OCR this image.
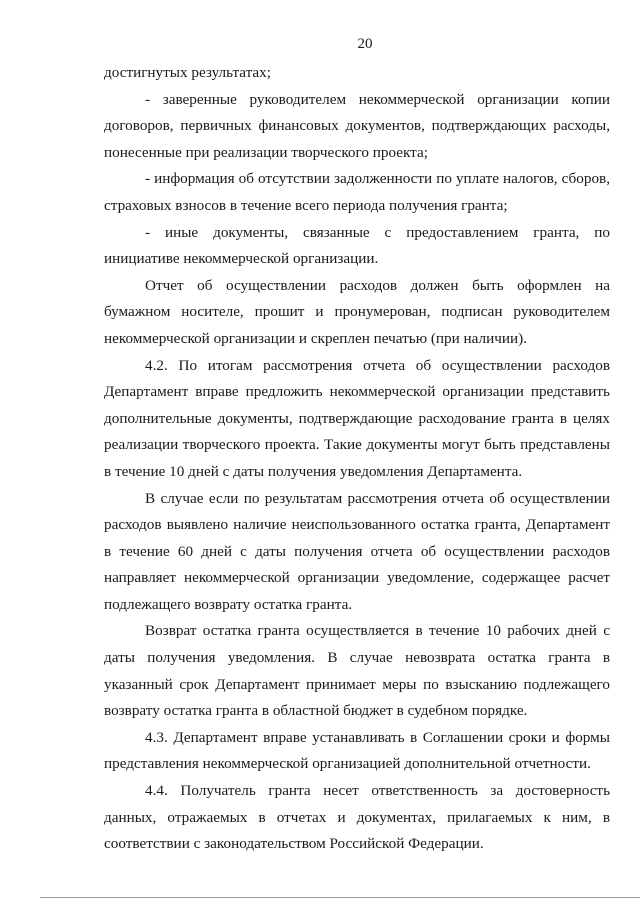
20

достигнутых результатах;

- заверенные руководителем некоммерческой организации копии договоров, первичных финансовых документов, подтверждающих расходы, понесенные при реализации творческого проекта;

- информация об отсутствии задолженности по уплате налогов, сборов, страховых взносов в течение всего периода получения гранта;

- иные документы, связанные с предоставлением гранта, по инициативе некоммерческой организации.

Отчет об осуществлении расходов должен быть оформлен на бумажном носителе, прошит и пронумерован, подписан руководителем некоммерческой организации и скреплен печатью (при наличии).

4.2. По итогам рассмотрения отчета об осуществлении расходов Департамент вправе предложить некоммерческой организации представить дополнительные документы, подтверждающие расходование гранта в целях реализации творческого проекта. Такие документы могут быть представлены в течение 10 дней с даты получения уведомления Департамента.

В случае если по результатам рассмотрения отчета об осуществлении расходов выявлено наличие неиспользованного остатка гранта, Департамент в течение 60 дней с даты получения отчета об осуществлении расходов направляет некоммерческой организации уведомление, содержащее расчет подлежащего возврату остатка гранта.

Возврат остатка гранта осуществляется в течение 10 рабочих дней с даты получения уведомления. В случае невозврата остатка гранта в указанный срок Департамент принимает меры по взысканию подлежащего возврату остатка гранта в областной бюджет в судебном порядке.

4.3. Департамент вправе устанавливать в Соглашении сроки и формы представления некоммерческой организацией дополнительной отчетности.

4.4. Получатель гранта несет ответственность за достоверность данных, отражаемых в отчетах и документах, прилагаемых к ним, в соответствии с законодательством Российской Федерации.
